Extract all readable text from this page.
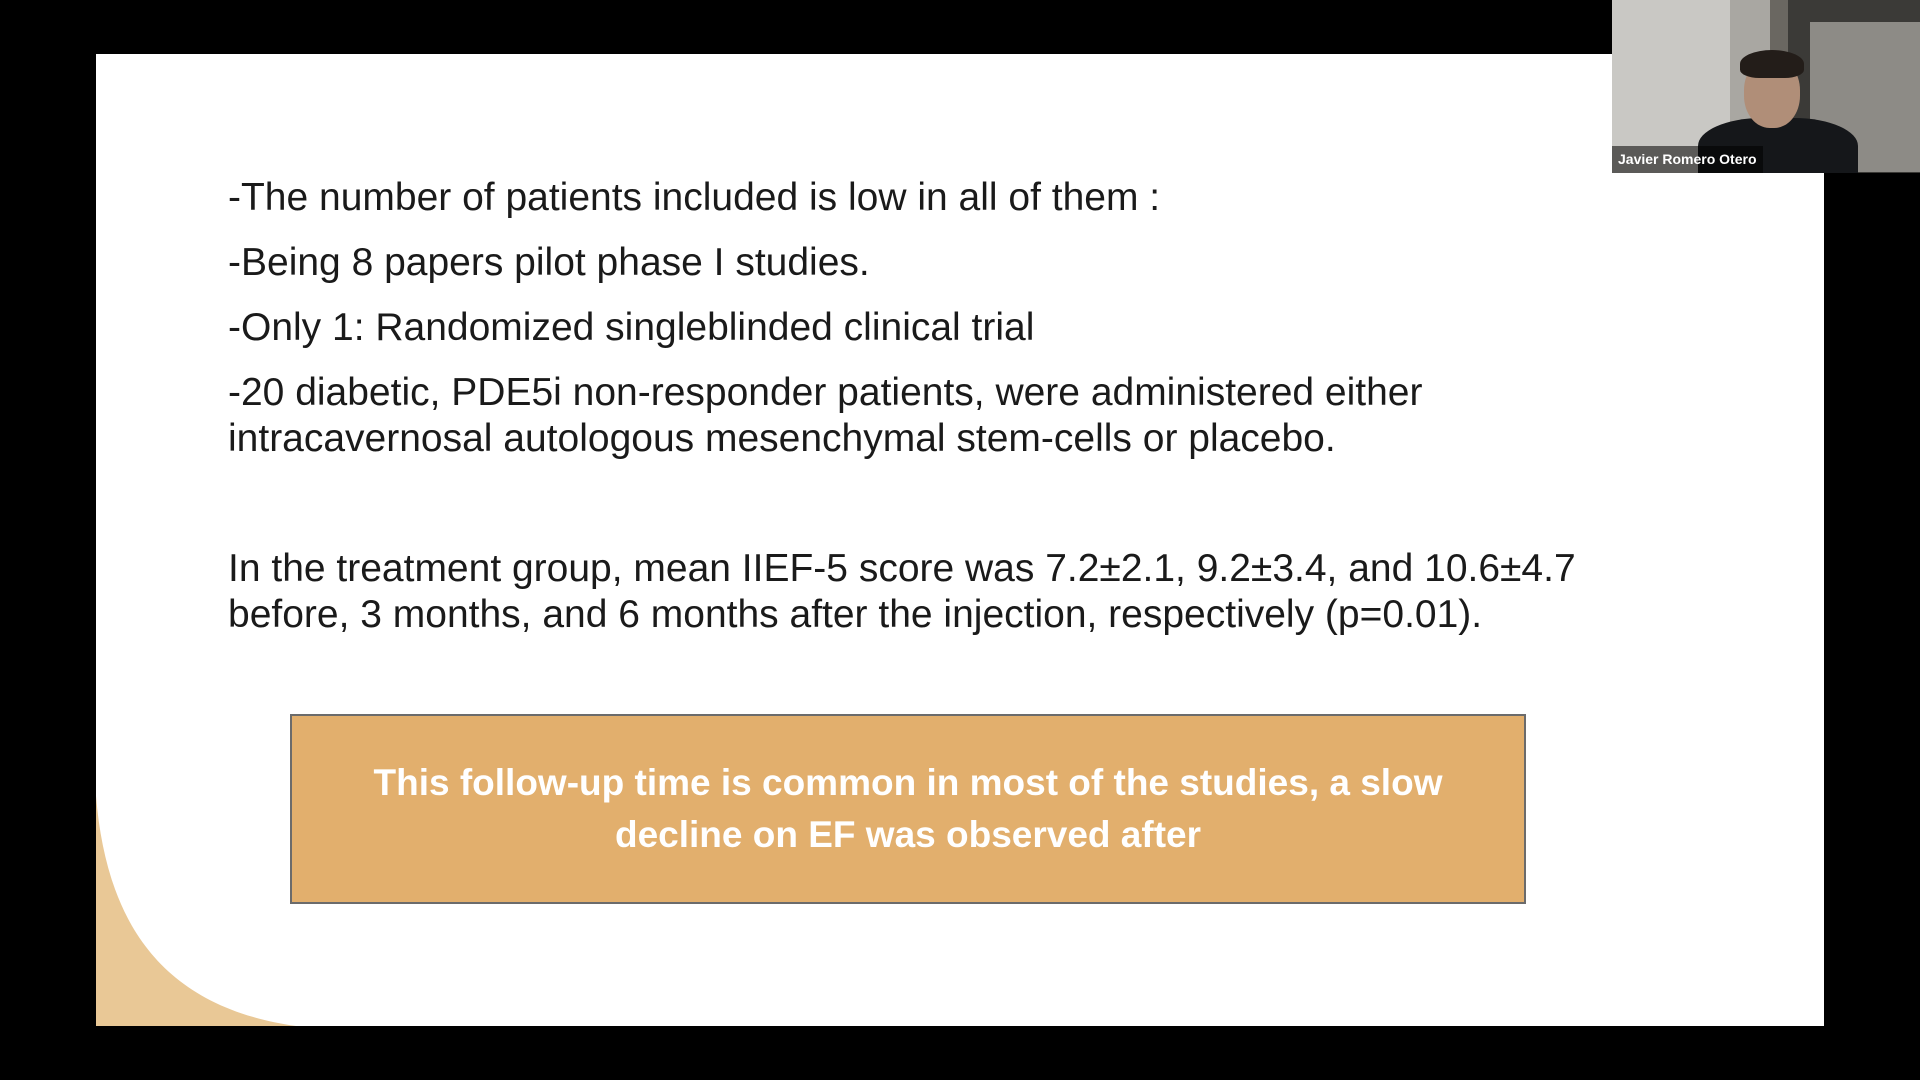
-The number of patients included is low in all of them :

-Being 8 papers pilot phase I studies.

-Only 1: Randomized singleblinded clinical trial

-20 diabetic, PDE5i non-responder patients, were administered either
intracavernosal autologous mesenchymal stem-cells or placebo.
In the treatment group, mean IIEF-5 score was 7.2±2.1, 9.2±3.4, and 10.6±4.7
before, 3 months, and 6 months after the injection, respectively (p=0.01).
This follow-up time is common in most of the studies, a slow
decline on EF was observed after
Javier Romero Otero
